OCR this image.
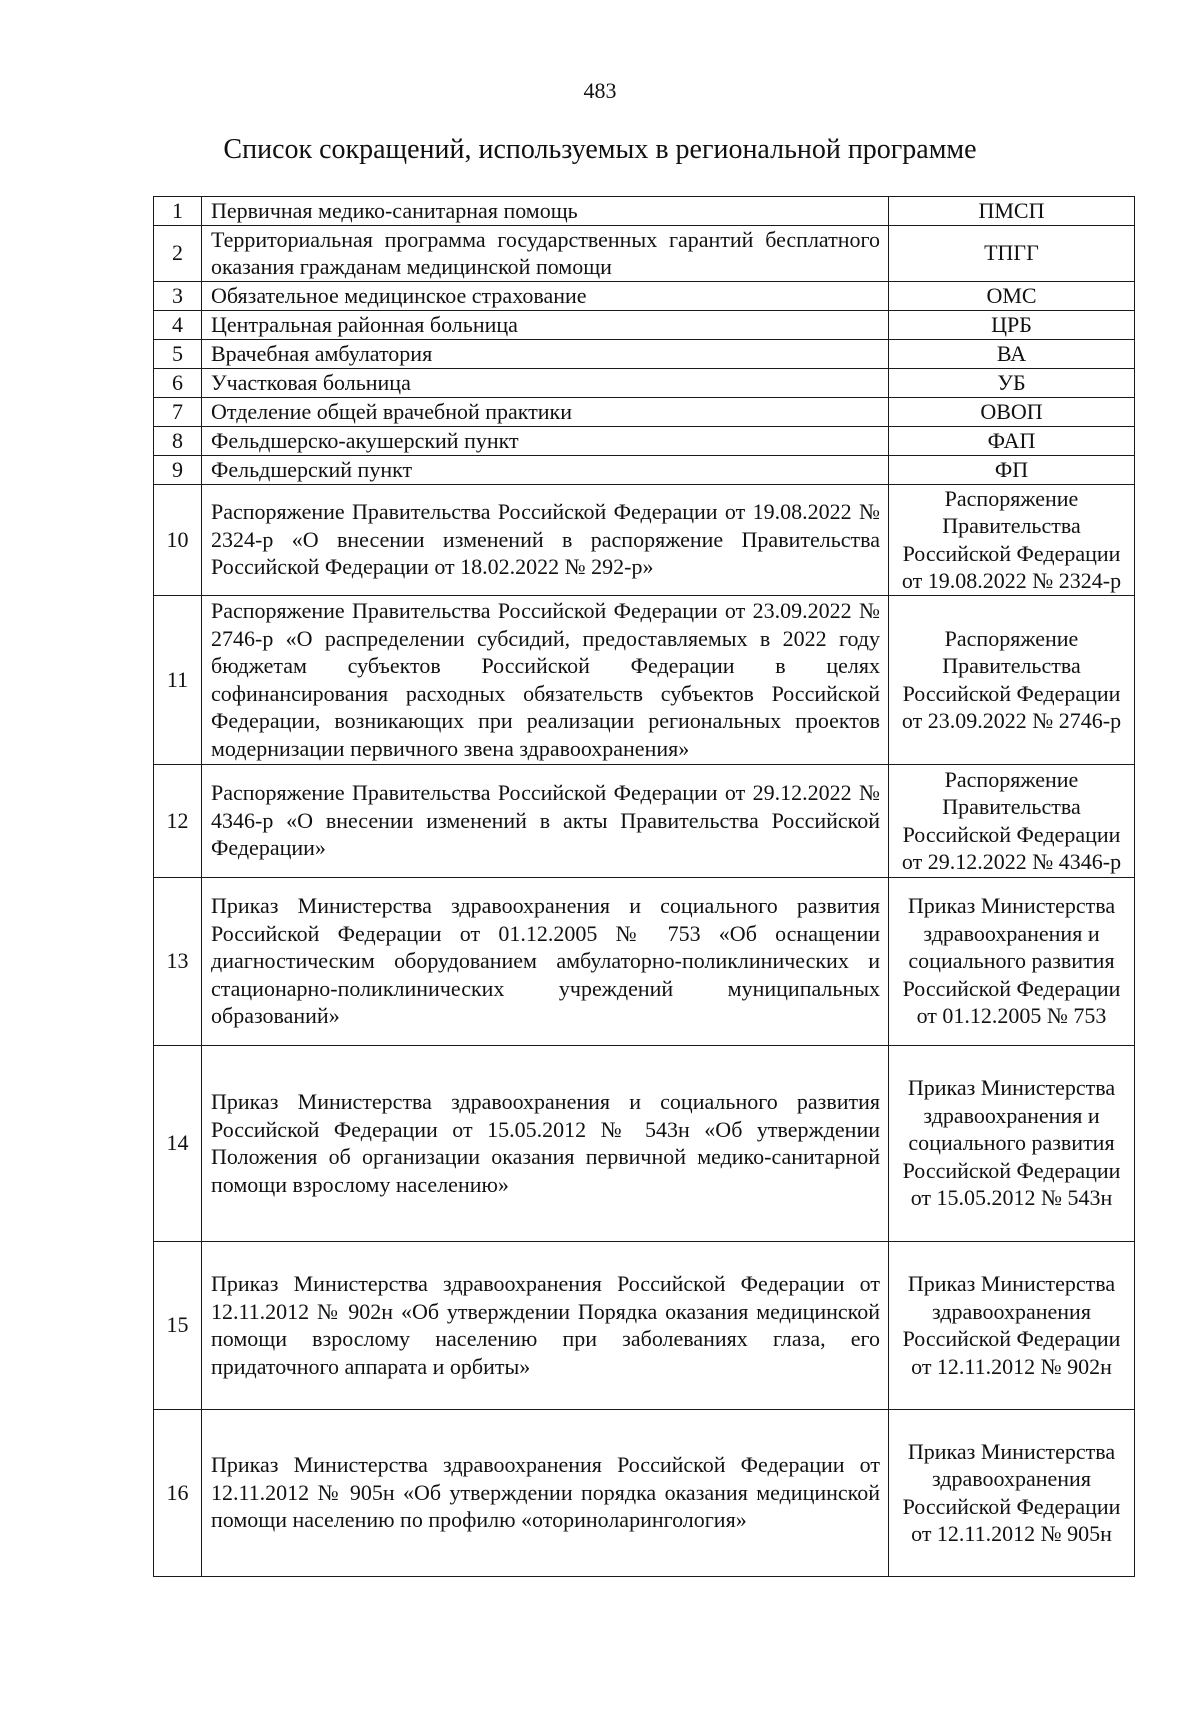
483
Список сокращений, используемых в региональной программе
1	Первичная медико-санитарная помощь	ПМСП
2	Территориальная программа государственных гарантий бесплатного оказания гражданам медицинской помощи	ТПГГ
3	Обязательное медицинское страхование	ОМС
4	Центральная районная больница	ЦРБ
5	Врачебная амбулатория	ВА
6	Участковая больница	УБ
7	Отделение общей врачебной практики	ОВОП
8	Фельдшерско-акушерский пункт	ФАП
9	Фельдшерский пункт	ФП
10	Распоряжение Правительства Российской Федерации от 19.08.2022 № 2324-р «О внесении изменений в распоряжение Правительства Российской Федерации от 18.02.2022 № 292-р»	Распоряжение Правительства Российской Федерации от 19.08.2022 № 2324-р
11	Распоряжение Правительства Российской Федерации от 23.09.2022 № 2746-р «О распределении субсидий, предоставляемых в 2022 году бюджетам субъектов Российской Федерации в целях софинансирования расходных обязательств субъектов Российской Федерации, возникающих при реализации региональных проектов модернизации первичного звена здравоохранения»	Распоряжение Правительства Российской Федерации от 23.09.2022 № 2746-р
12	Распоряжение Правительства Российской Федерации от 29.12.2022 № 4346-р «О внесении изменений в акты Правительства Российской Федерации»	Распоряжение Правительства Российской Федерации от 29.12.2022 № 4346-р
13	Приказ Министерства здравоохранения и социального развития Российской Федерации от 01.12.2005 № 753 «Об оснащении диагностическим оборудованием амбулаторно-поликлинических и стационарно-поликлинических учреждений муниципальных образований»	Приказ Министерства здравоохранения и социального развития Российской Федерации от 01.12.2005 № 753
14	Приказ Министерства здравоохранения и социального развития Российской Федерации от 15.05.2012 № 543н «Об утверждении Положения об организации оказания первичной медико-санитарной помощи взрослому населению»	Приказ Министерства здравоохранения и социального развития Российской Федерации от 15.05.2012 № 543н
15	Приказ Министерства здравоохранения Российской Федерации от 12.11.2012 № 902н «Об утверждении Порядка оказания медицинской помощи взрослому населению при заболеваниях глаза, его придаточного аппарата и орбиты»	Приказ Министерства здравоохранения Российской Федерации от 12.11.2012 № 902н
16	Приказ Министерства здравоохранения Российской Федерации от 12.11.2012 № 905н «Об утверждении порядка оказания медицинской помощи населению по профилю «оториноларингология»	Приказ Министерства здравоохранения Российской Федерации от 12.11.2012 № 905н
